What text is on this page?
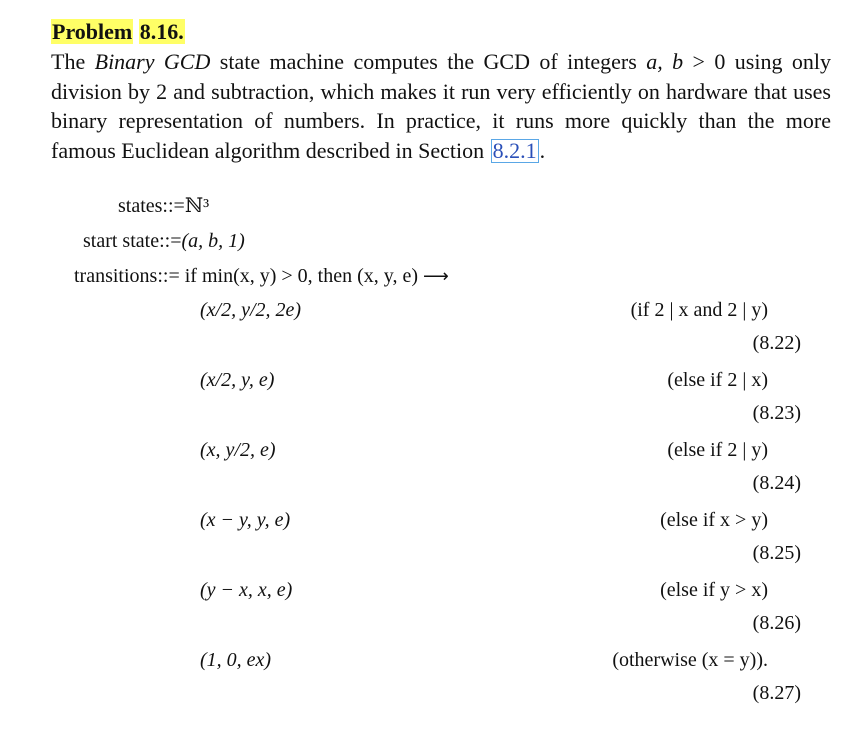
Problem 8.16.
The Binary GCD state machine computes the GCD of integers a, b > 0 using only division by 2 and subtraction, which makes it run very efficiently on hardware that uses binary representation of numbers. In practice, it runs more quickly than the more famous Euclidean algorithm described in Section 8.2.1 .
states::=ℕ³
start state::=(a, b, 1)
transitions::= if min(x, y) > 0, then (x, y, e) ⟶
(x/2, y/2, 2e)	(if 2 | x and 2 | y)
(8.22)
(x/2, y, e)	(else if 2 | x)
(8.23)
(x, y/2, e)	(else if 2 | y)
(8.24)
(x − y, y, e)	(else if x > y)
(8.25)
(y − x, x, e)	(else if y > x)
(8.26)
(1, 0, ex)	(otherwise (x = y)).
(8.27)
